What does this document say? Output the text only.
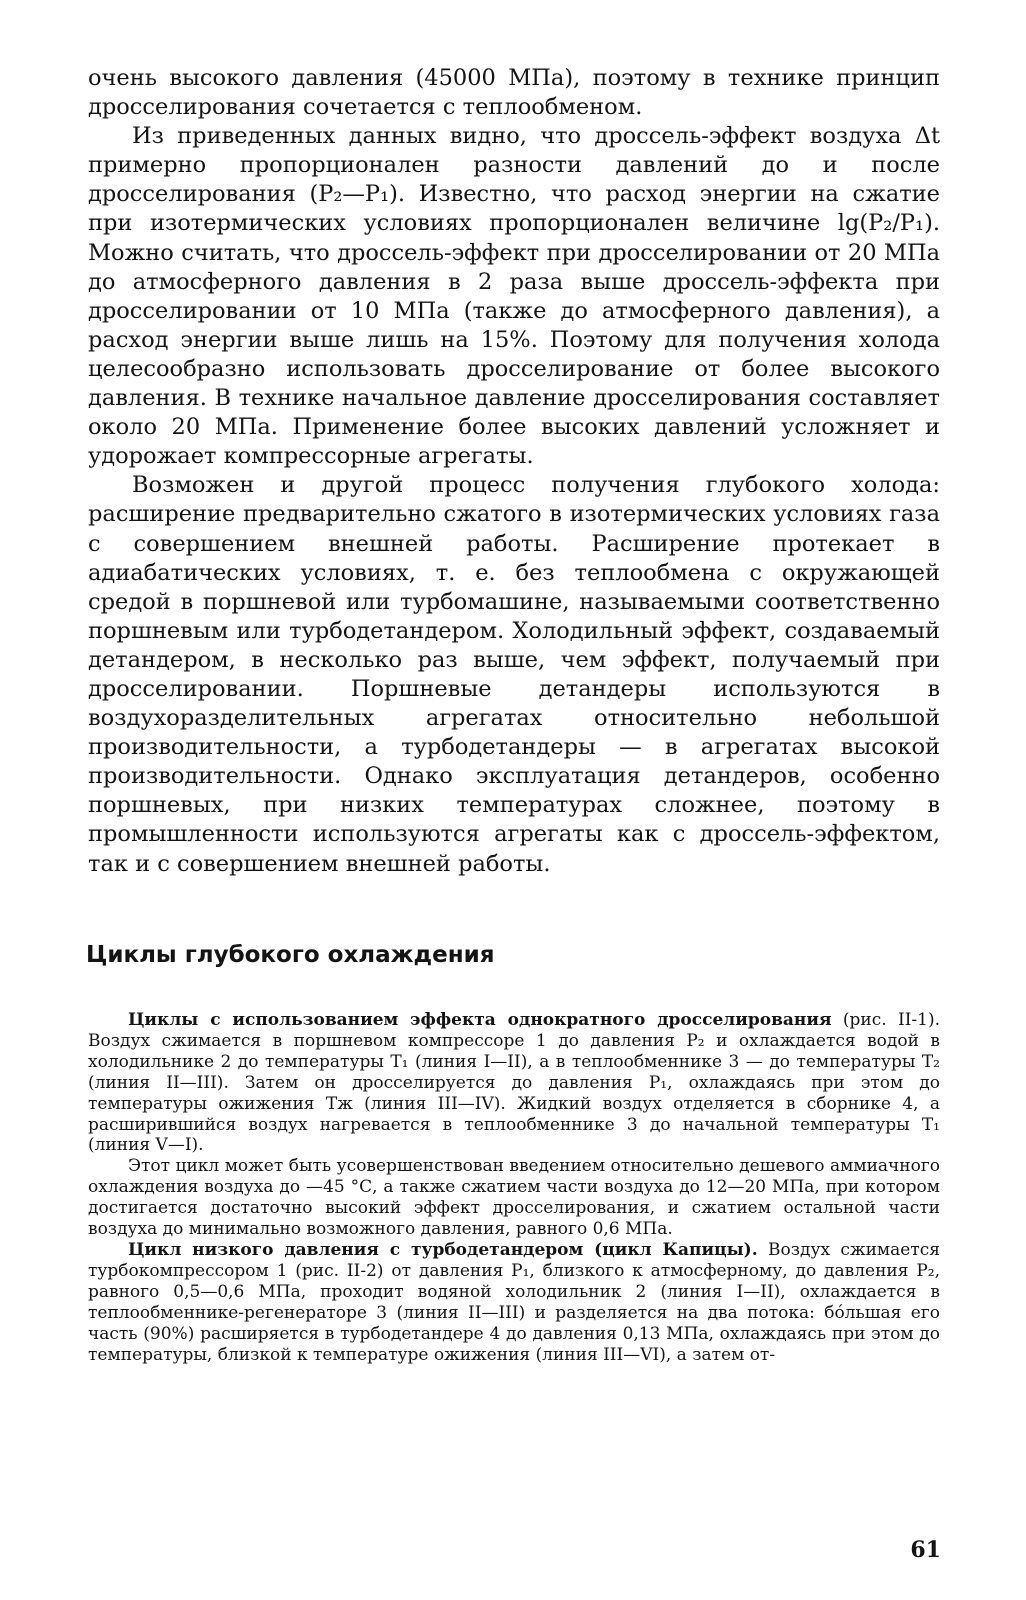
очень высокого давления (45000 МПа), поэтому в технике принцип дросселирования сочетается с теплообменом.

Из приведенных данных видно, что дроссель-эффект воздуха Δt примерно пропорционален разности давлений до и после дросселирования (P₂—P₁). Известно, что расход энергии на сжатие при изотермических условиях пропорционален величине lg(P₂/P₁). Можно считать, что дроссель-эффект при дросселировании от 20 МПа до атмосферного давления в 2 раза выше дроссель-эффекта при дросселировании от 10 МПа (также до атмосферного давления), а расход энергии выше лишь на 15%. Поэтому для получения холода целесообразно использовать дросселирование от более высокого давления. В технике начальное давление дросселирования составляет около 20 МПа. Применение более высоких давлений усложняет и удорожает компрессорные агрегаты.

Возможен и другой процесс получения глубокого холода: расширение предварительно сжатого в изотермических условиях газа с совершением внешней работы. Расширение протекает в адиабатических условиях, т. е. без теплообмена с окружающей средой в поршневой или турбомашине, называемыми соответственно поршневым или турбодетандером. Холодильный эффект, создаваемый детандером, в несколько раз выше, чем эффект, получаемый при дросселировании. Поршневые детандеры используются в воздухоразделительных агрегатах относительно небольшой производительности, а турбодетандеры — в агрегатах высокой производительности. Однако эксплуатация детандеров, особенно поршневых, при низких температурах сложнее, поэтому в промышленности используются агрегаты как с дроссель-эффектом, так и с совершением внешней работы.

Циклы глубокого охлаждения

Циклы с использованием эффекта однократного дросселирования (рис. II-1). Воздух сжимается в поршневом компрессоре 1 до давления P₂ и охлаждается водой в холодильнике 2 до температуры T₁ (линия I—II), а в теплообменнике 3 — до температуры T₂ (линия II—III). Затем он дросселируется до давления P₁, охлаждаясь при этом до температуры ожижения Tж (линия III—IV). Жидкий воздух отделяется в сборнике 4, а расширившийся воздух нагревается в теплообменнике 3 до начальной температуры T₁ (линия V—I).

Этот цикл может быть усовершенствован введением относительно дешевого аммиачного охлаждения воздуха до —45 °С, а также сжатием части воздуха до 12—20 МПа, при котором достигается достаточно высокий эффект дросселирования, и сжатием остальной части воздуха до минимально возможного давления, равного 0,6 МПа.

Цикл низкого давления с турбодетандером (цикл Капицы). Воздух сжимается турбокомпрессором 1 (рис. II-2) от давления P₁, близкого к атмосферному, до давления P₂, равного 0,5—0,6 МПа, проходит водяной холодильник 2 (линия I—II), охлаждается в теплообменнике-регенераторе 3 (линия II—III) и разделяется на два потока: бóльшая его часть (90%) расширяется в турбодетандере 4 до давления 0,13 МПа, охлаждаясь при этом до температуры, близкой к температуре ожижения (линия III—VI), а затем от-

61
